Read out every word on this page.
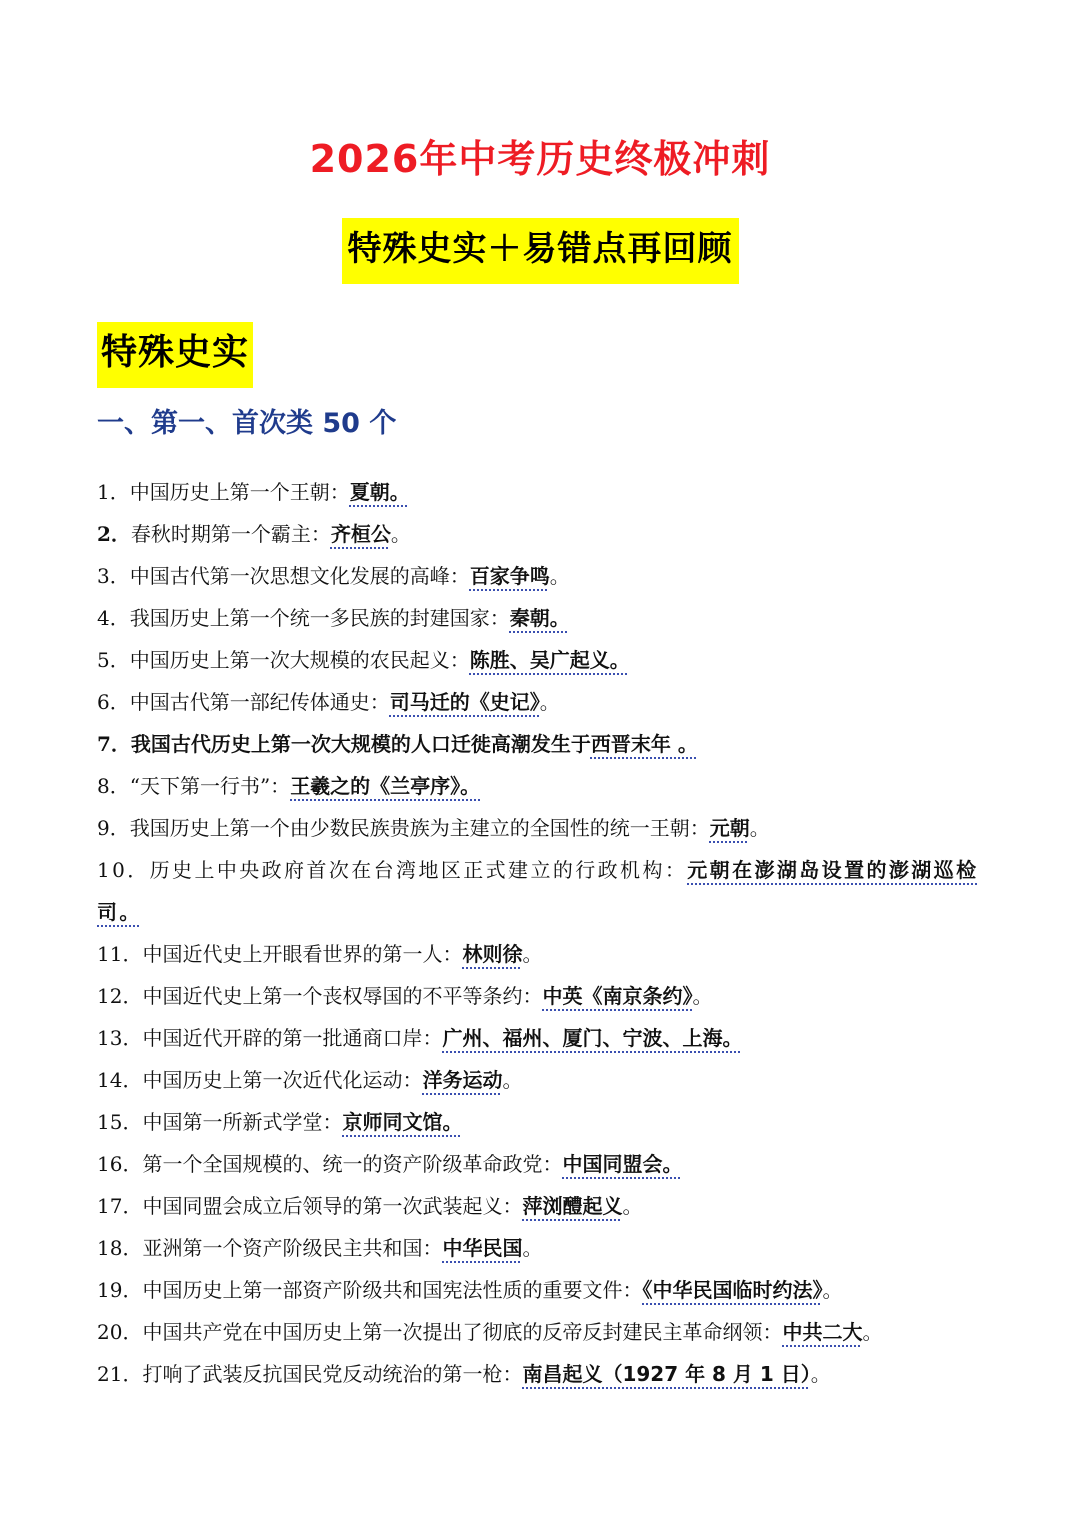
2026年中考历史终极冲刺
特殊史实＋易错点再回顾
特殊史实
一、第一、首次类 50 个
1．中国历史上第一个王朝：夏朝。
2．春秋时期第一个霸主：齐桓公。
3．中国古代第一次思想文化发展的高峰：百家争鸣。
4．我国历史上第一个统一多民族的封建国家：秦朝。
5．中国历史上第一次大规模的农民起义：陈胜、吴广起义。
6．中国古代第一部纪传体通史：司马迁的《史记》。
7．我国古代历史上第一次大规模的人口迁徙高潮发生于西晋末年 。
8．“天下第一行书”：王羲之的《兰亭序》。
9．我国历史上第一个由少数民族贵族为主建立的全国性的统一王朝：元朝。
10．历史上中央政府首次在台湾地区正式建立的行政机构：元朝在澎湖岛设置的澎湖巡检司。
11．中国近代史上开眼看世界的第一人：林则徐。
12．中国近代史上第一个丧权辱国的不平等条约：中英《南京条约》。
13．中国近代开辟的第一批通商口岸：广州、福州、厦门、宁波、上海。
14．中国历史上第一次近代化运动：洋务运动。
15．中国第一所新式学堂：京师同文馆。
16．第一个全国规模的、统一的资产阶级革命政党：中国同盟会。
17．中国同盟会成立后领导的第一次武装起义：萍浏醴起义。
18．亚洲第一个资产阶级民主共和国：中华民国。
19．中国历史上第一部资产阶级共和国宪法性质的重要文件：《中华民国临时约法》。
20．中国共产党在中国历史上第一次提出了彻底的反帝反封建民主革命纲领：中共二大。
21．打响了武装反抗国民党反动统治的第一枪：南昌起义（1927 年 8 月 1 日）。
